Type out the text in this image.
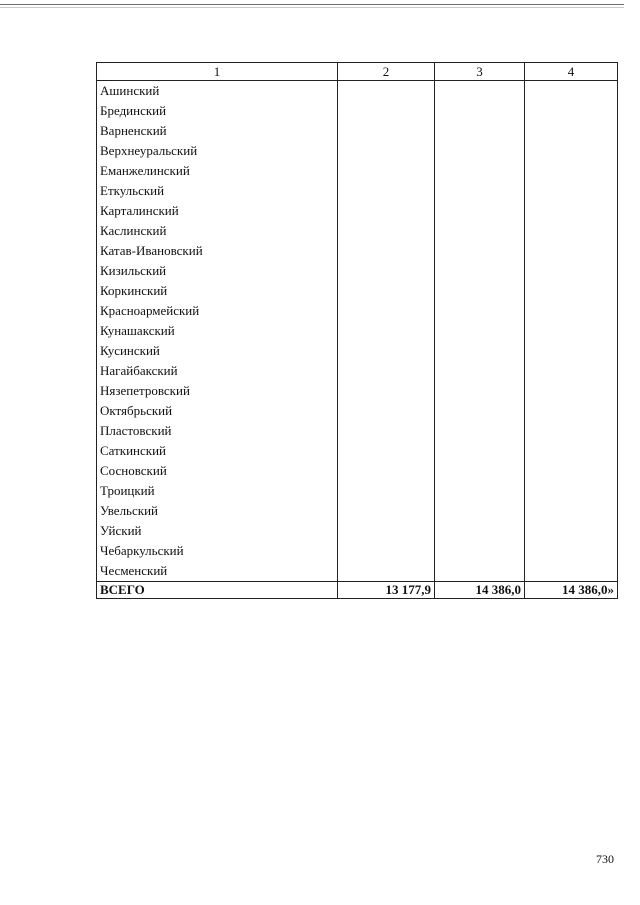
1	2	3	4
Ашинский			
Брединский			
Варненский			
Верхнеуральский			
Еманжелинский			
Еткульский			
Карталинский			
Каслинский			
Катав-Ивановский			
Кизильский			
Коркинский			
Красноармейский			
Кунашакский			
Кусинский			
Нагайбакский			
Нязепетровский			
Октябрьский			
Пластовский			
Саткинский			
Сосновский			
Троицкий			
Увельский			
Уйский			
Чебаркульский			
Чесменский			
ВСЕГО	13 177,9	14 386,0	14 386,0»
730
